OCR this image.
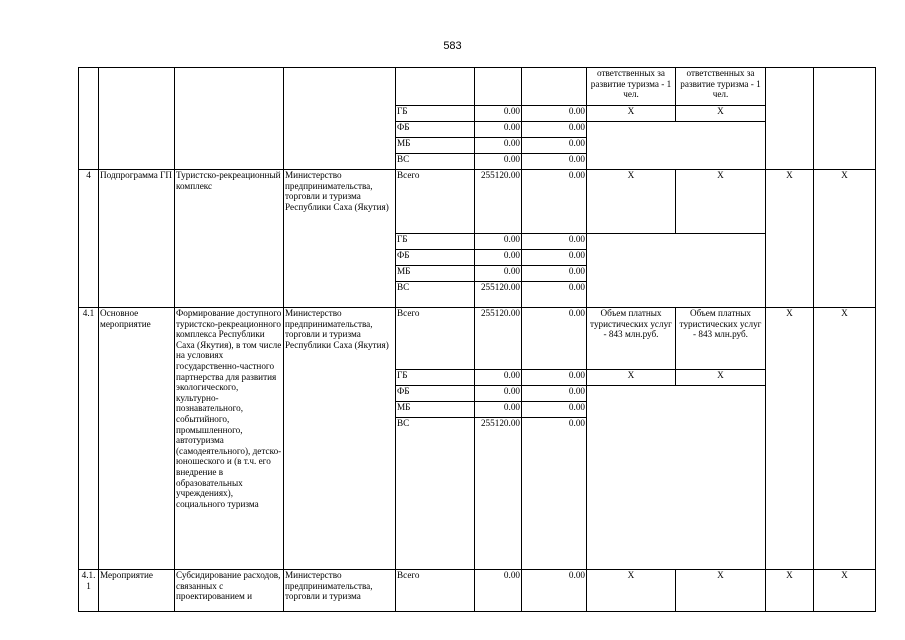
583
							ответственных за развитие туризма - 1 чел.	ответственных за развитие туризма - 1 чел.		
				ГБ	0.00	0.00	X	X		
				ФБ	0.00	0.00				
				МБ	0.00	0.00				
				ВС	0.00	0.00				
4	Подпрограмма ГП	Туристско-рекреационный комплекс	Министерство предпринимательства, торговли и туризма Республики Саха (Якутия)	Всего	255120.00	0.00	X	X	X	X
				ГБ	0.00	0.00				
				ФБ	0.00	0.00				
				МБ	0.00	0.00				
				ВС	255120.00	0.00				
4.1	Основное мероприятие	Формирование доступного туристско-рекреационного комплекса Республики Саха (Якутия), в том числе на условиях государственно-частного партнерства для развития экологического, культурно-познавательного, событийного, промышленного, автотуризма (самодеятельного), детско-юношеского и (в т.ч. его внедрение в образовательных учреждениях), социального туризма	Министерство предпринимательства, торговли и туризма Республики Саха (Якутия)	Всего	255120.00	0.00	Объем платных туристических услуг - 843 млн.руб.	Объем платных туристических услуг - 843 млн.руб.	X	X
				ГБ	0.00	0.00	X	X		
				ФБ	0.00	0.00				
				МБ	0.00	0.00				
				ВС	255120.00	0.00				
4.1.1	Мероприятие	Субсидирование расходов, связанных с проектированием и	Министерство предпринимательства, торговли и туризма	Всего	0.00	0.00	X	X	X	X
